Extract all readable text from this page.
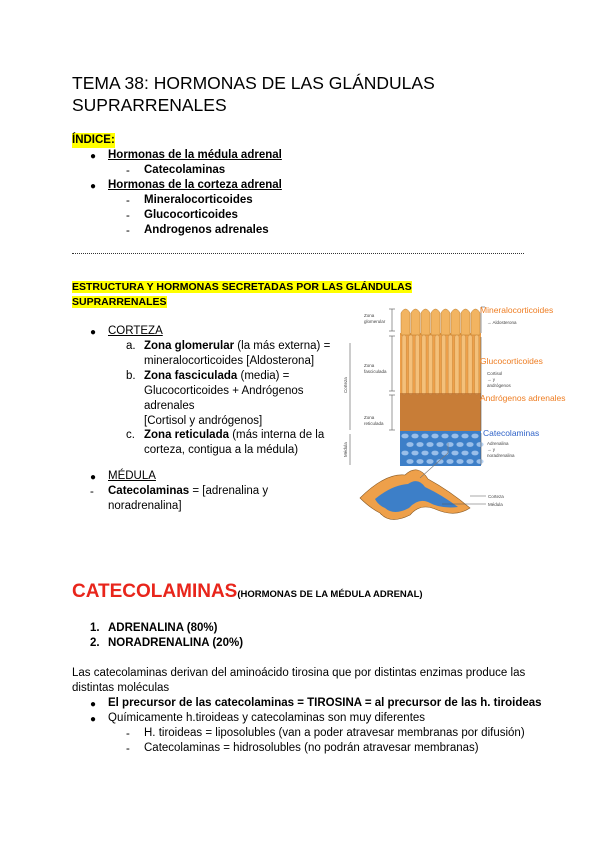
TEMA 38: HORMONAS DE LAS GLÁNDULAS
SUPRARRENALES
ÍNDICE:
● Hormonas de la médula adrenal
- Catecolaminas
● Hormonas de la corteza adrenal
- Mineralocorticoides
- Glucocorticoides
- Androgenos adrenales
ESTRUCTURA Y HORMONAS SECRETADAS POR LAS GLÁNDULAS
SUPRARRENALES
● CORTEZA
a. Zona glomerular (la más externa) =
mineralocorticoides [Aldosterona]
b. Zona fasciculada (media) =
Glucocorticoides + Andrógenos
adrenales
[Cortisol y andrógenos]
c. Zona reticulada (más interna de la
corteza, contigua a la médula)
● MÉDULA
- Catecolaminas = [adrenalina y
noradrenalina]
Zona
glomerular
Zona
fasciculada
Zona
reticulada
Corteza
Médula
Mineralocorticoides
→ Aldosterona
Glucocorticoides
Cortisol
→ y
andrógenos
Andrógenos adrenales
Catecolaminas
Adrenalina
→ y
noradrenalina
Corteza
Médula
CATECOLAMINAS(HORMONAS DE LA MÉDULA ADRENAL)
1. ADRENALINA (80%)
2. NORADRENALINA (20%)
Las catecolaminas derivan del aminoácido tirosina que por distintas enzimas produce las
distintas moléculas
● El precursor de las catecolaminas = TIROSINA = al precursor de las h. tiroideas
● Químicamente h.tiroideas y catecolaminas son muy diferentes
- H. tiroideas = liposolubles (van a poder atravesar membranas por difusión)
- Catecolaminas = hidrosolubles (no podrán atravesar membranas)
